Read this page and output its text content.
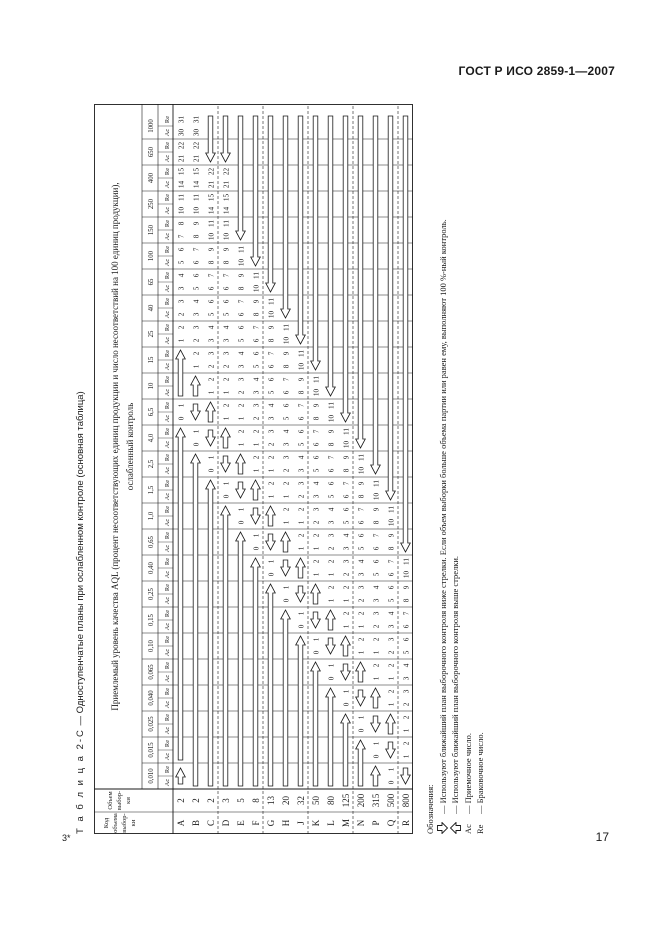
ГОСТ Р ИСО 2859-1—2007
Т а б л и ц а 2-С — Одноступенчатые планы при ослабленном контроле (основная таблица)
Код объема выбор- ки
Объем выбор- ки
Приемлемый уровень качества AQL (процент несоответствующих единиц продукции и число несоответствий на 100 единиц продукции), ослабленный контроль
0,010
0,015
0,025
0,040
0,065
0,10
0,15
0,25
0,40
0,65
1,0
1,5
2,5
4,0
6,5
10
15
25
40
65
100
150
250
400
650
1000
Ac
Re
Ac
Re
Ac
Re
Ac
Re
Ac
Re
Ac
Re
Ac
Re
Ac
Re
Ac
Re
Ac
Re
Ac
Re
Ac
Re
Ac
Re
Ac
Re
Ac
Re
Ac
Re
Ac
Re
Ac
Re
Ac
Re
Ac
Re
Ac
Re
Ac
Re
Ac
Re
Ac
Re
Ac
Re
Ac
Re
A B C D E F G H J K L M N P Q R
2 2 2 3 5 8 13 20 32 50 80 125 200 315 500 800
0
1
1
2
2
3
3
4
5
6
7
8
10
11
14
15
21
22
30
31
0
1
1
2
2
3
3
4
5
6
6
7
8
9
10
11
14
15
21
22
30
31
0
1
1
2
2
3
3
4
5
6
6
7
8
9
10
11
14
15
21
22
0
1
1
2
1
2
2
3
3
4
5
6
6
7
8
9
10
11
14
15
21
22
0
1
1
2
1
2
2
3
3
4
5
6
6
7
8
9
10
11
0
1
1
2
1
2
2
3
3
4
5
6
6
7
8
9
10
11
0
1
1
2
1
2
2
3
3
4
5
6
6
7
8
9
10
11
0
1
1
2
1
2
2
3
3
4
5
6
6
7
8
9
10
11
0
1
1
2
1
2
2
3
3
4
5
6
6
7
8
9
10
11
0
1
1
2
1
2
2
3
3
4
5
6
6
7
8
9
10
11
0
1
1
2
1
2
2
3
3
4
5
6
6
7
8
9
10
11
0
1
1
2
1
2
2
3
3
4
5
6
6
7
8
9
10
11
0
1
1
2
1
2
2
3
3
4
5
6
6
7
8
9
10
11
0
1
1
2
1
2
2
3
3
4
5
6
6
7
8
9
10
11
0
1
1
2
1
2
2
3
3
4
5
6
6
7
8
9
10
11
1
2
1
2
2
3
3
4
5
6
6
7
8
9
10
11
Обозначения: — Используют ближайший план выборочного контроля ниже стрелки. Если объем выборки больше объема партии или равен ему, выполняют 100 %-ный контроль. — Используют ближайший план выборочного контроля выше стрелки.
Ac
— Приемочное число.
Re
— Браковочное число.
3*	17
